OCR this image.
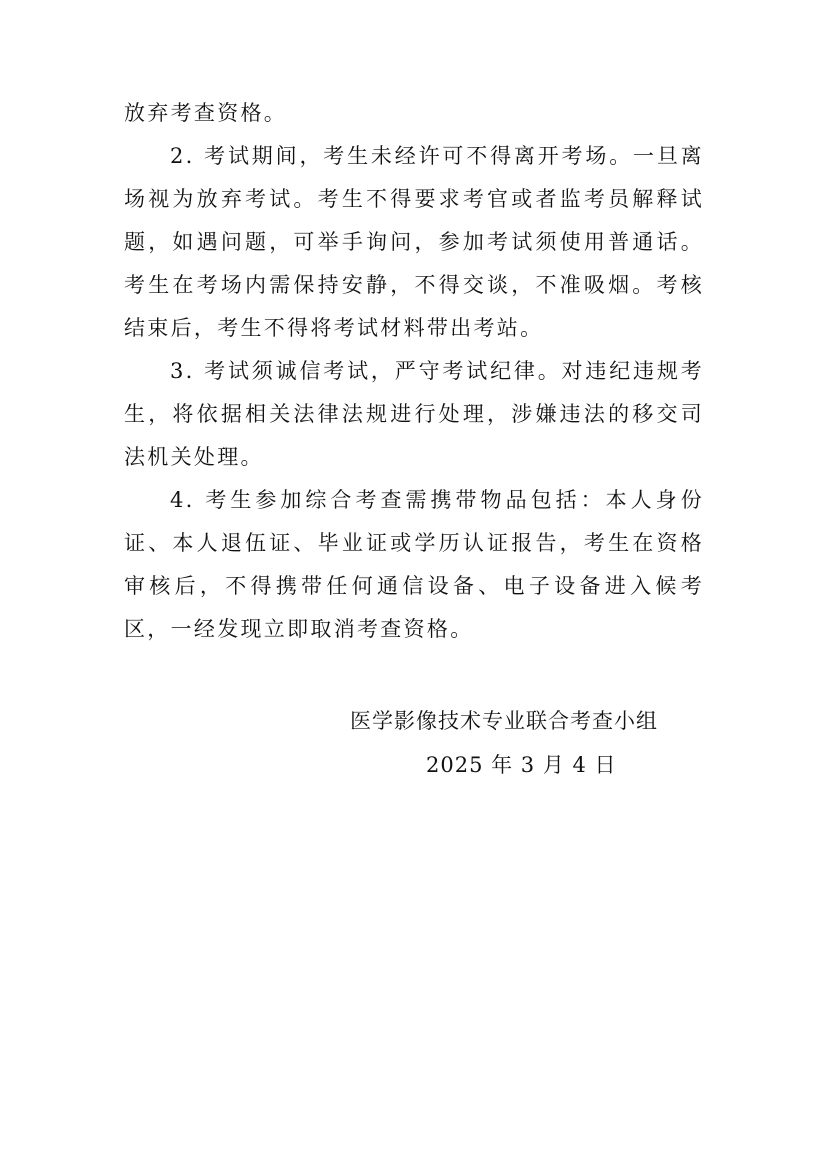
放弃考查资格。

2. 考试期间，考生未经许可不得离开考场。一旦离场视为放弃考试。考生不得要求考官或者监考员解释试题，如遇问题，可举手询问，参加考试须使用普通话。考生在考场内需保持安静，不得交谈，不准吸烟。考核结束后，考生不得将考试材料带出考站。

3. 考试须诚信考试，严守考试纪律。对违纪违规考生，将依据相关法律法规进行处理，涉嫌违法的移交司法机关处理。

4. 考生参加综合考查需携带物品包括：本人身份证、本人退伍证、毕业证或学历认证报告，考生在资格审核后，不得携带任何通信设备、电子设备进入候考区，一经发现立即取消考查资格。

医学影像技术专业联合考查小组
2025 年 3 月 4 日
